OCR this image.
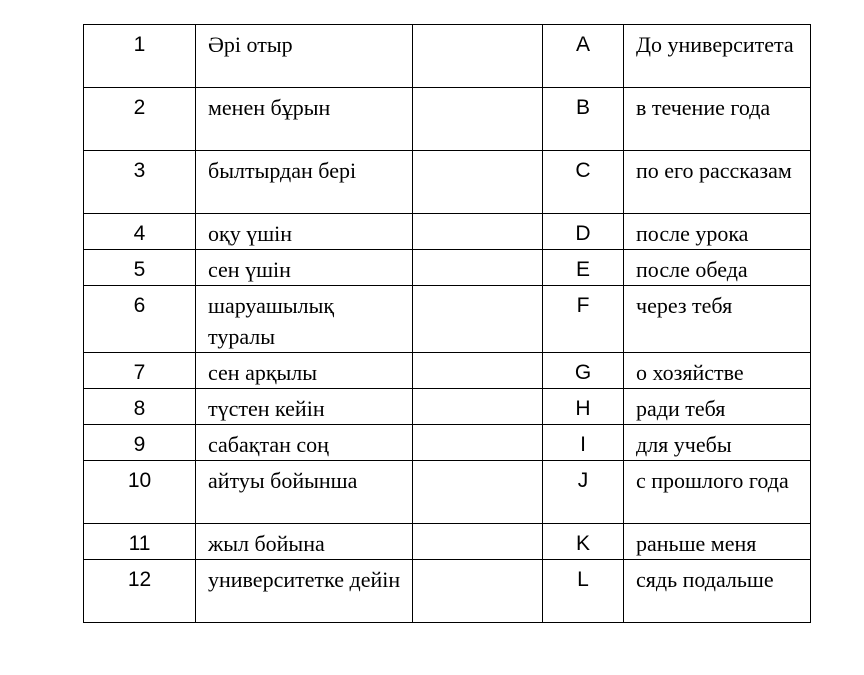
1	Әрі отыр		A	До университета
2	менен бұрын		B	в течение года
3	былтырдан бері		C	по его рассказам
4	оқу үшін		D	после урока
5	сен үшін		E	после обеда
6	шаруашылық туралы		F	через тебя
7	сен арқылы		G	о хозяйстве
8	түстен кейін		H	ради тебя
9	сабақтан соң		I	для учебы
10	айтуы бойынша		J	с прошлого года
11	жыл бойына		K	раньше меня
12	университетке дейін		L	сядь подальше
